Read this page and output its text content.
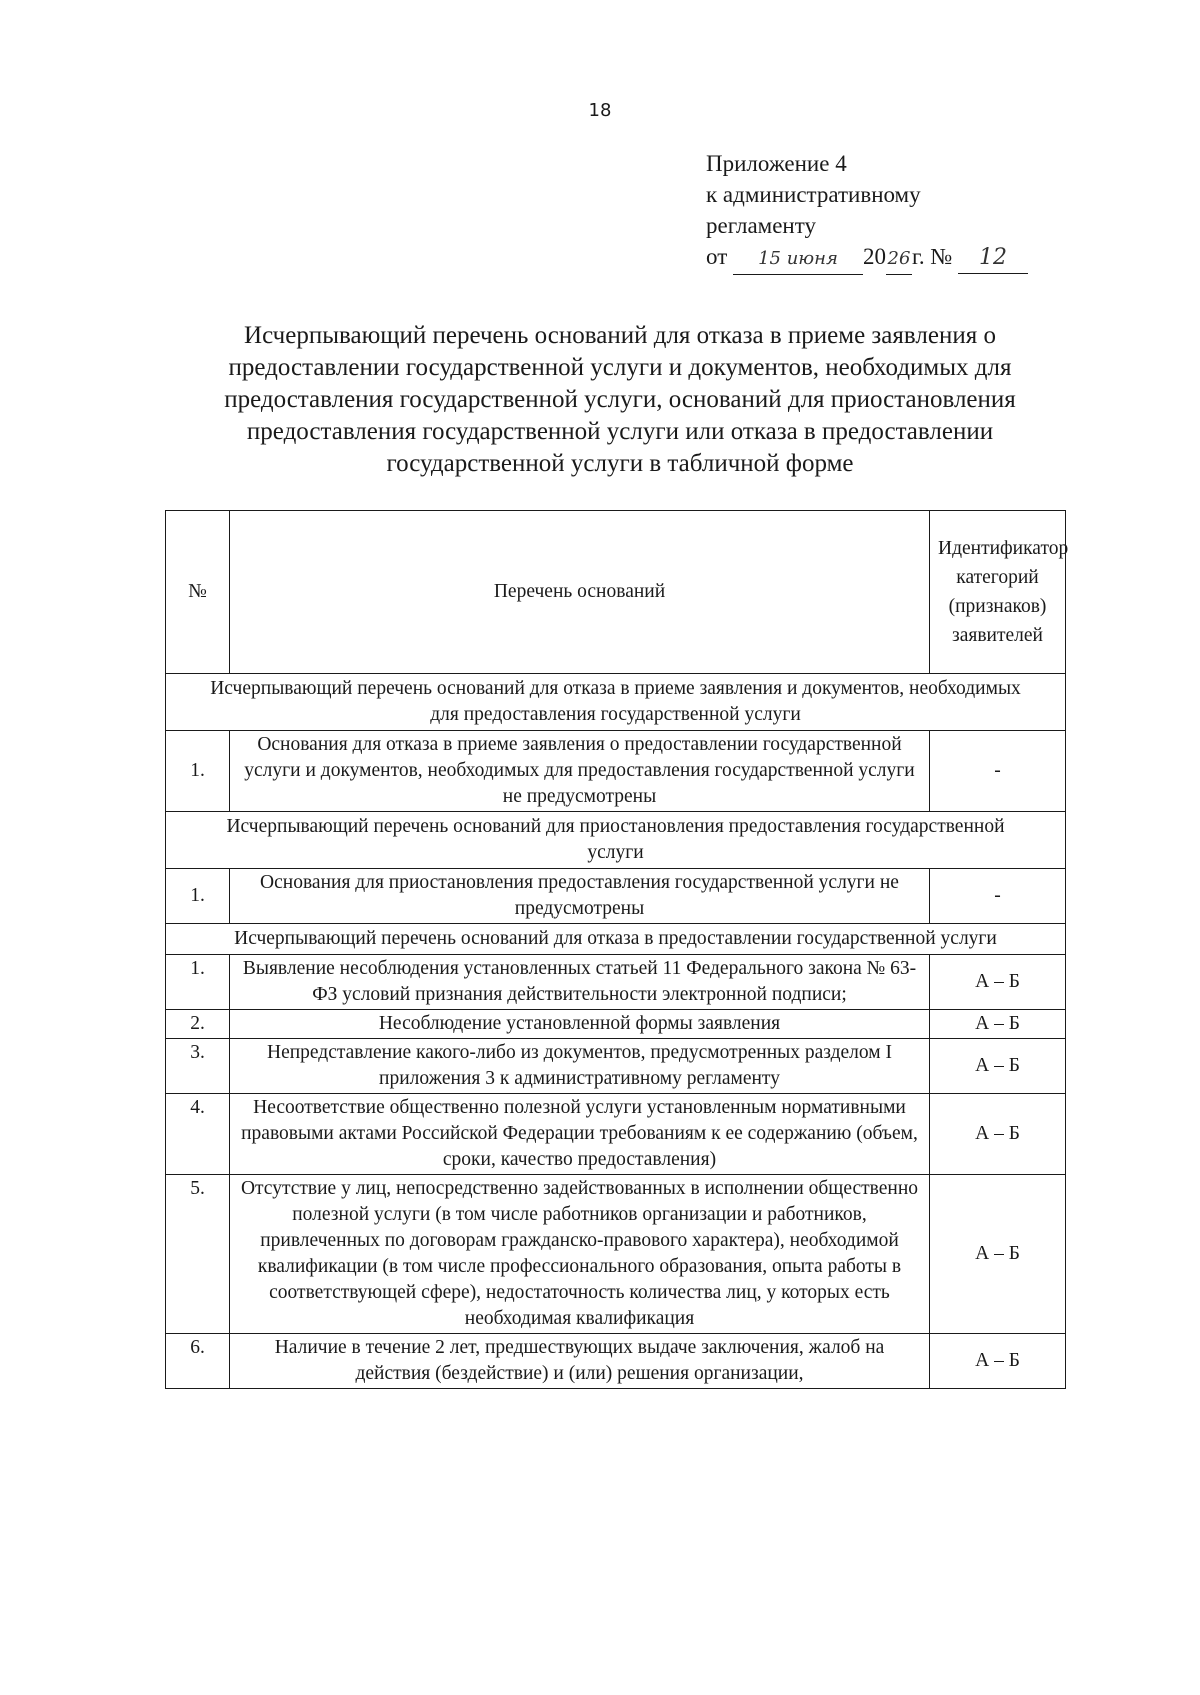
18
Приложение 4
к административному
регламенту
от 15 июня 2026г. № 12
Исчерпывающий перечень оснований для отказа в приеме заявления о предоставлении государственной услуги и документов, необходимых для предоставления государственной услуги, оснований для приостановления предоставления государственной услуги или отказа в предоставлении государственной услуги в табличной форме
№	Перечень оснований	Идентификатор категорий (признаков) заявителей
Исчерпывающий перечень оснований для отказа в приеме заявления и документов, необходимых для предоставления государственной услуги		
1.	Основания для отказа в приеме заявления о предоставлении государственной услуги и документов, необходимых для предоставления государственной услуги не предусмотрены	-
Исчерпывающий перечень оснований для приостановления предоставления государственной услуги		
1.	Основания для приостановления предоставления государственной услуги не предусмотрены	-
Исчерпывающий перечень оснований для отказа в предоставлении государственной услуги		
1.	Выявление несоблюдения установленных статьей 11 Федерального закона № 63-ФЗ условий признания действительности электронной подписи;	А – Б
2.	Несоблюдение установленной формы заявления	А – Б
3.	Непредставление какого-либо из документов, предусмотренных разделом I приложения 3 к административному регламенту	А – Б
4.	Несоответствие общественно полезной услуги установленным нормативными правовыми актами Российской Федерации требованиям к ее содержанию (объем, сроки, качество предоставления)	А – Б
5.	Отсутствие у лиц, непосредственно задействованных в исполнении общественно полезной услуги (в том числе работников организации и работников, привлеченных по договорам гражданско-правового характера), необходимой квалификации (в том числе профессионального образования, опыта работы в соответствующей сфере), недостаточность количества лиц, у которых есть необходимая квалификация	А – Б
6.	Наличие в течение 2 лет, предшествующих выдаче заключения, жалоб на действия (бездействие) и (или) решения организации,	А – Б
